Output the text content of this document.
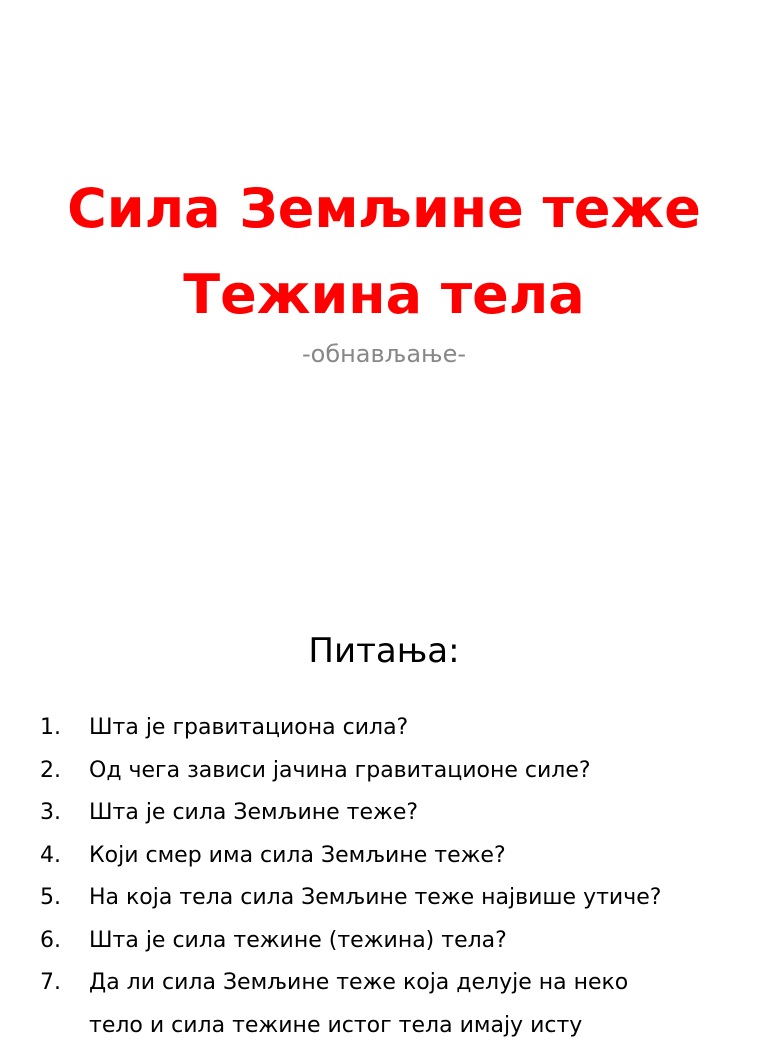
Сила Земљине теже
Тежина тела
-обнављање-
Питања:
1. Шта је гравитациона сила?
2. Од чега зависи јачина гравитационе силе?
3. Шта је сила Земљине теже?
4. Који смер има сила Земљине теже?
5. На која тела сила Земљине теже највише утиче?
6. Шта је сила тежине (тежина) тела?
7. Да ли сила Земљине теже која делује на неко
тело и сила тежине истог тела имају исту
